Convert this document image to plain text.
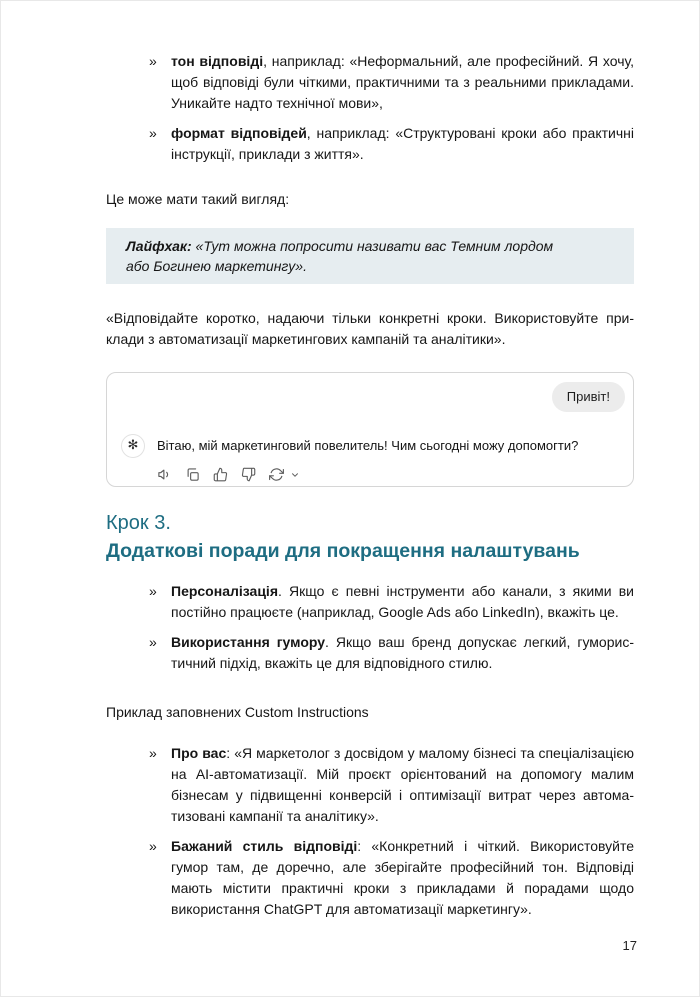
»	тон відповіді, наприклад: «Неформальний, але професійний. Я хочу, щоб відповіді були чіткими, практичними та з реальними прикладами. Уникайте надто технічної мови»,

»	формат відповідей, наприклад: «Структуровані кроки або практичні інструкції, приклади з життя».

Це може мати такий вигляд:

Лайфхак: «Тут можна попросити називати вас Темним лордом або Богинею маркетингу».

«Відповідайте коротко, надаючи тільки конкретні кроки. Використовуйте приклади з автоматизації маркетингових кампаній та аналітики».

Привіт!
✻	Вітаю, мій маркетинговий повелитель! Чим сьогодні можу допомогти?
Крок 3.
Додаткові поради для покращення налаштувань
»	Персоналізація. Якщо є певні інструменти або канали, з якими ви постійно працюєте (наприклад, Google Ads або LinkedIn), вкажіть це.

»	Використання гумору. Якщо ваш бренд допускає легкий, гумористичний підхід, вкажіть це для відповідного стилю.

Приклад заповнених Custom Instructions

»	Про вас: «Я маркетолог з досвідом у малому бізнесі та спеціалізацією на AI-автоматизації. Мій проєкт орієнтований на допомогу малим бізнесам у підвищенні конверсій і оптимізації витрат через автоматизовані кампанії та аналітику».

»	Бажаний стиль відповіді: «Конкретний і чіткий. Використовуйте гумор там, де доречно, але зберігайте професійний тон. Відповіді мають містити практичні кроки з прикладами й порадами щодо використання ChatGPT для автоматизації маркетингу».

17
